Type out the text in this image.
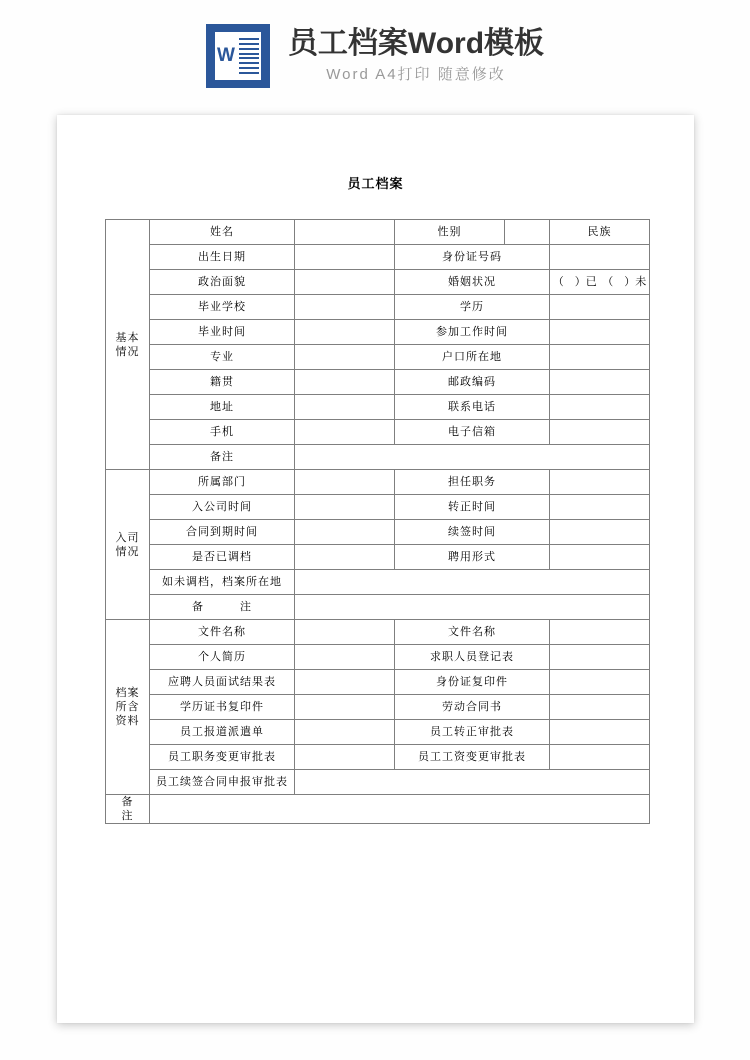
W 员工档案Word模板
Word A4打印 随意修改
员工档案
基本
情况	姓名		性别		民族	
	出生日期		身份证号码			
	政治面貌		婚姻状况		（　）已　（　）未	
	毕业学校		学历			
	毕业时间		参加工作时间			
	专业		户口所在地			
	籍贯		邮政编码			
	地址		联系电话			
	手机		电子信箱			
	备注					

入司
情况	所属部门		担任职务			
	入公司时间		转正时间			
	合同到期时间		续签时间			
	是否已调档		聘用形式			
	如未调档，档案所在地					
	备　　　注					

档案
所含
资料	文件名称		文件名称			
	个人简历		求职人员登记表			
	应聘人员面试结果表		身份证复印件			
	学历证书复印件		劳动合同书			
	员工报道派遣单		员工转正审批表			
	员工职务变更审批表		员工工资变更审批表			
	员工续签合同申报审批表					

备
注						
